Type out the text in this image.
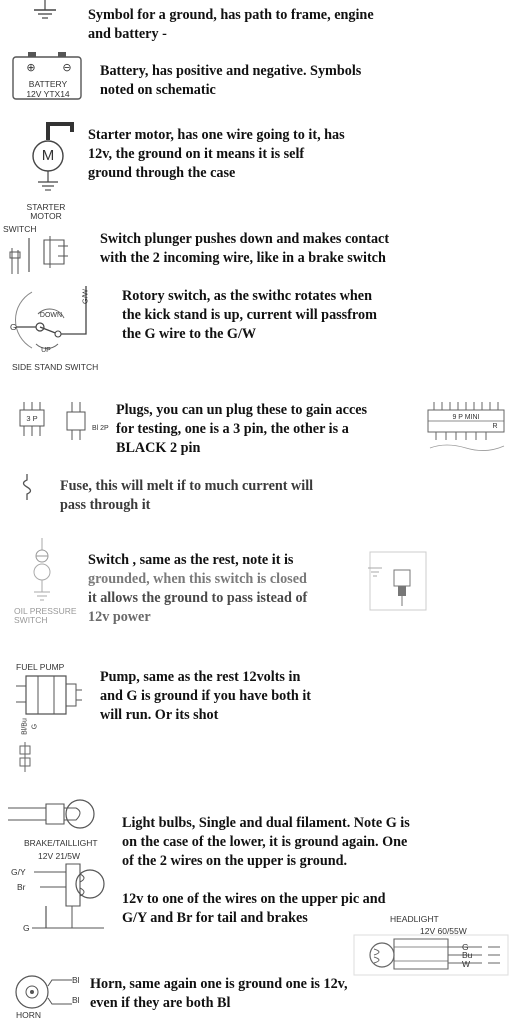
Symbol for a ground, has path to frame, engine
and battery -
⊕ ⊖
BATTERY
12V YTX14
Battery, has positive and negative. Symbols
noted on schematic
M
STARTER
MOTOR
Starter motor, has one wire going to it, has
12v, the ground on it means it is self
ground through the case
SWITCH
Switch plunger pushes down and makes contact
with the 2 incoming wire, like in a brake switch
DOWN
UP
G
G/W
SIDE STAND SWITCH
Rotory switch, as the swithc rotates when
the kick stand is up, current will passfrom
the G wire to the G/W
3 P
Bl 2P
Plugs, you can un plug these to gain acces
for testing, one is a 3 pin, the other is a
BLACK 2 pin
9 P MINI
R
Fuse, this will melt if to much current will
pass through it
OIL PRESSURE
SWITCH
Switch , same as the rest, note it is
grounded, when this switch is closed
it allows the ground to pass istead of
12v power
FUEL PUMP
Bl/Bu G
Pump, same as the rest 12volts in
and G is ground if you have both it
will run. Or its shot
BRAKE/TAILLIGHT
12V 21/5W
G/Y
Br
G
Light bulbs, Single and dual filament. Note G is
on the case of the lower, it is ground again. One
of the 2 wires on the upper is ground.
12v to one of the wires on the upper pic and
G/Y and Br for tail and brakes	HEADLIGHT
12V 60/55W
G
Bu
W
Bl
Bl
HORN
Horn, same again one is ground one is 12v,
even if they are both Bl
